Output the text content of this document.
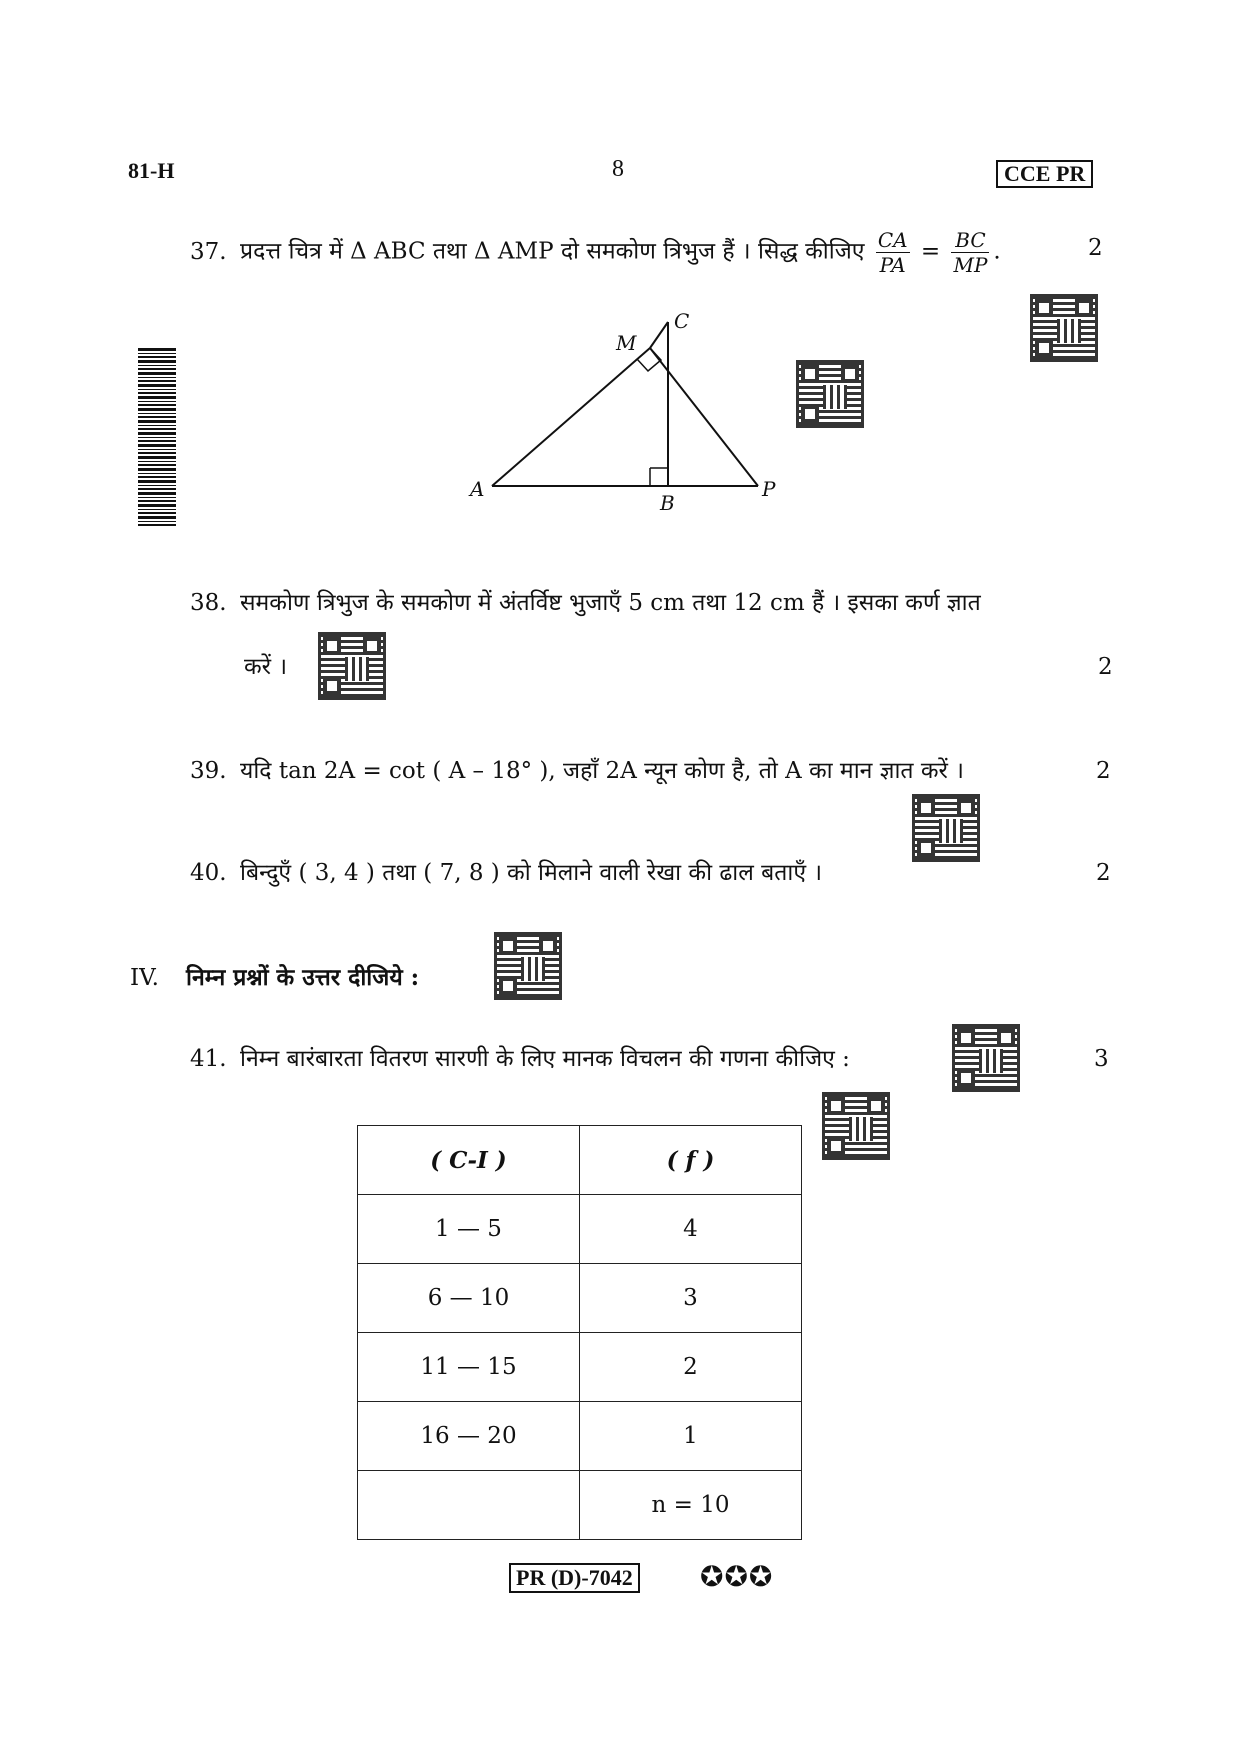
81-H	8	CCE PR
37. प्रदत्त चित्र में Δ ABC तथा Δ AMP दो समकोण त्रिभुज हैं । सिद्ध कीजिए $\frac{CA}{PA} = \frac{BC}{MP}$ .	2
A
B
C
M
P
38. समकोण त्रिभुज के समकोण में अंतर्विष्ट भुजाएँ 5 cm तथा 12 cm हैं । इसका कर्ण ज्ञात
करें ।	2
39. यदि tan 2A = cot ( A – 18° ), जहाँ 2A न्यून कोण है, तो A का मान ज्ञात करें ।	2
40. बिन्दुएँ ( 3, 4 ) तथा ( 7, 8 ) को मिलाने वाली रेखा की ढाल बताएँ ।	2
IV. निम्न प्रश्नों के उत्तर दीजिये :
41. निम्न बारंबारता वितरण सारणी के लिए मानक विचलन की गणना कीजिए :	3
( C-I )	( f )
1 — 5	4
6 — 10	3
11 — 15	2
16 — 20	1
	n = 10
PR (D)-7042 ✪✪✪
